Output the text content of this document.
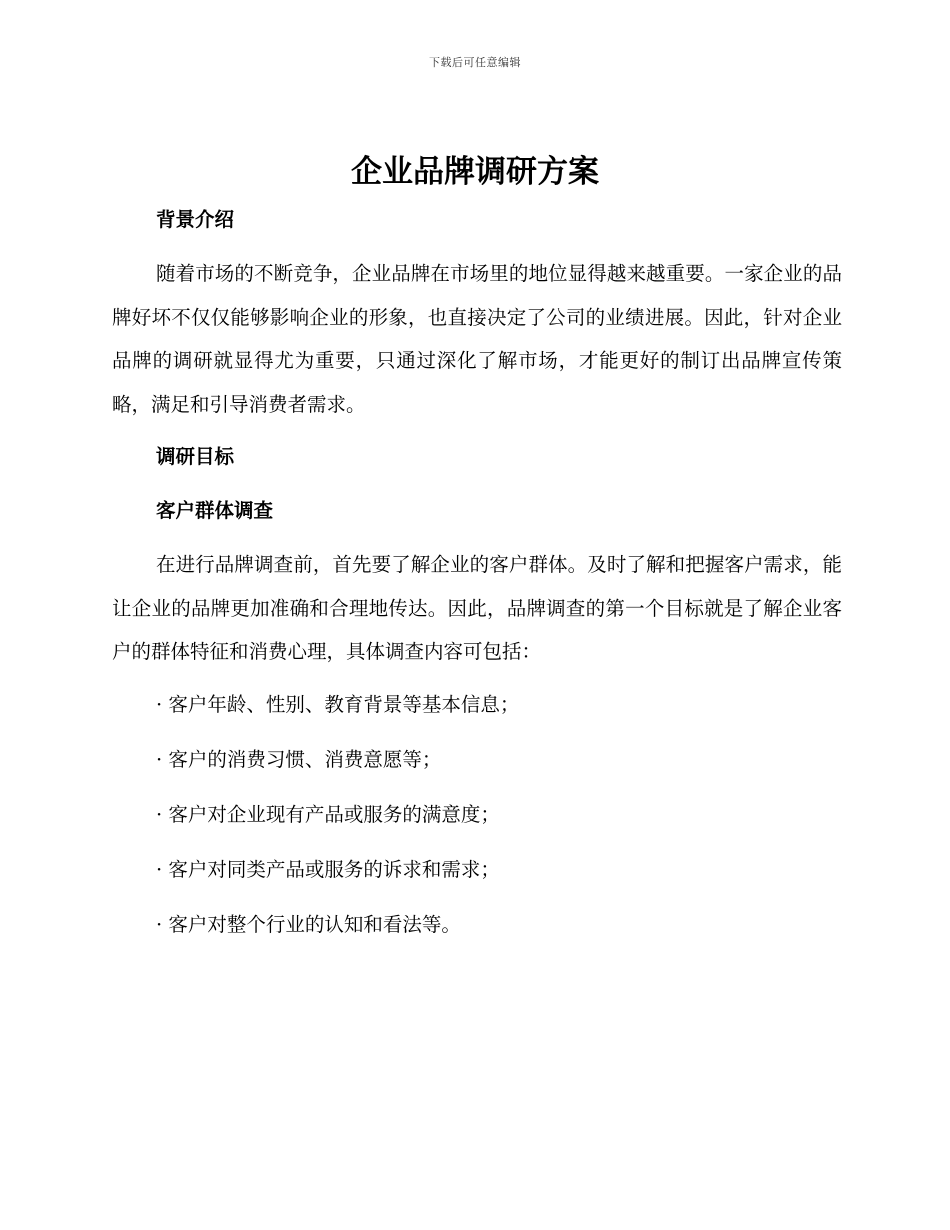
下载后可任意编辑
企业品牌调研方案
背景介绍
随着市场的不断竞争，企业品牌在市场里的地位显得越来越重要。一家企业的品牌好坏不仅仅能够影响企业的形象，也直接决定了公司的业绩进展。因此，针对企业品牌的调研就显得尤为重要，只通过深化了解市场，才能更好的制订出品牌宣传策略，满足和引导消费者需求。
调研目标
客户群体调查
在进行品牌调查前，首先要了解企业的客户群体。及时了解和把握客户需求，能让企业的品牌更加准确和合理地传达。因此，品牌调查的第一个目标就是了解企业客户的群体特征和消费心理，具体调查内容可包括：
· 客户年龄、性别、教育背景等基本信息；
· 客户的消费习惯、消费意愿等；
· 客户对企业现有产品或服务的满意度；
· 客户对同类产品或服务的诉求和需求；
· 客户对整个行业的认知和看法等。
